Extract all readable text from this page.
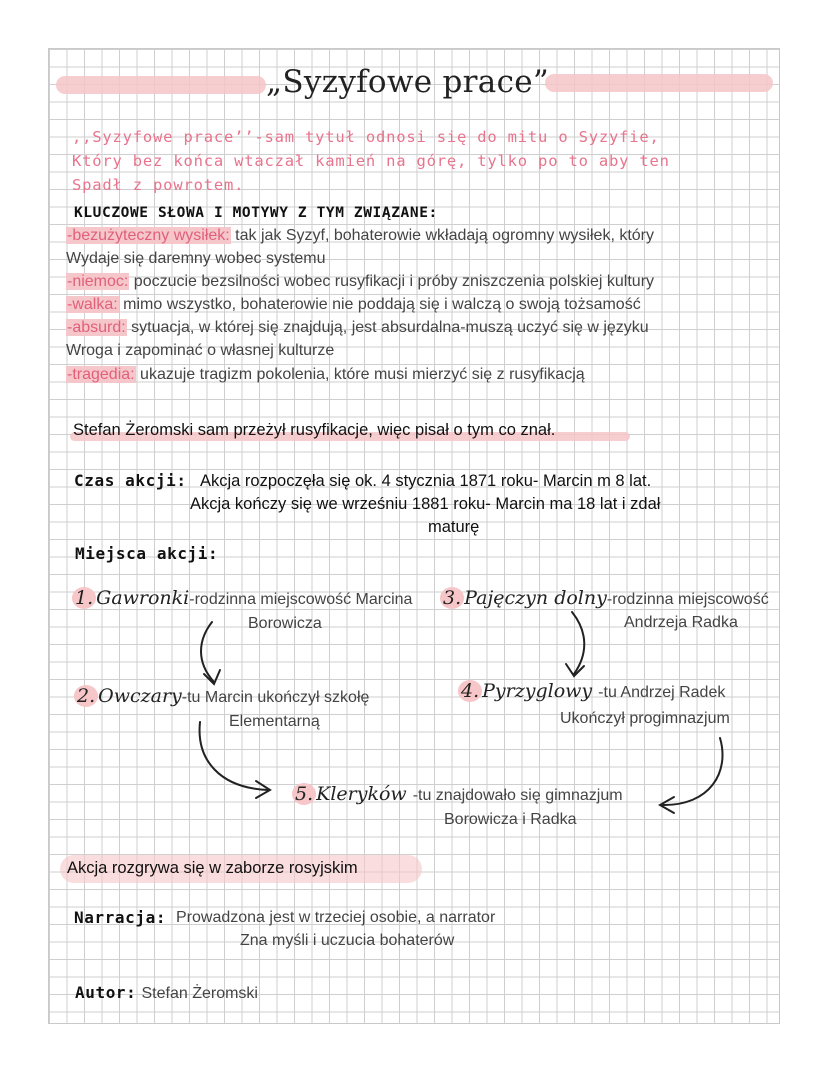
„Syzyfowe prace”
,,Syzyfowe prace’’-sam tytuł odnosi się do mitu o Syzyfie,
Który bez końca wtaczał kamień na górę, tylko po to aby ten
Spadł z powrotem.
KLUCZOWE SŁOWA I MOTYWY Z TYM ZWIĄZANE:
-bezużyteczny wysiłek: tak jak Syzyf, bohaterowie wkładają ogromny wysiłek, który
Wydaje się daremny wobec systemu
-niemoc: poczucie bezsilności wobec rusyfikacji i próby zniszczenia polskiej kultury
-walka: mimo wszystko, bohaterowie nie poddają się i walczą o swoją tożsamość
-absurd: sytuacja, w której się znajdują, jest absurdalna-muszą uczyć się w języku
Wroga i zapominać o własnej kulturze
-tragedia: ukazuje tragizm pokolenia, które musi mierzyć się z rusyfikacją
Stefan Żeromski sam przeżył rusyfikacje, więc pisał o tym co znał.
Czas akcji: Akcja rozpoczęła się ok. 4 stycznia 1871 roku- Marcin m 8 lat.
Akcja kończy się we wrześniu 1881 roku- Marcin ma 18 lat i zdał
maturę
Miejsca akcji:
1. Gawronki-rodzinna miejscowość Marcina
Borowicza
3. Pajęczyn dolny-rodzinna miejscowość
Andrzeja Radka
2. Owczary-tu Marcin ukończył szkołę
Elementarną
4. Pyrzyglowy -tu Andrzej Radek
Ukończył progimnazjum
5. Kleryków -tu znajdowało się gimnazjum
Borowicza i Radka
Akcja rozgrywa się w zaborze rosyjskim
Narracja: Prowadzona jest w trzeciej osobie, a narrator
Zna myśli i uczucia bohaterów
Autor: Stefan Żeromski
